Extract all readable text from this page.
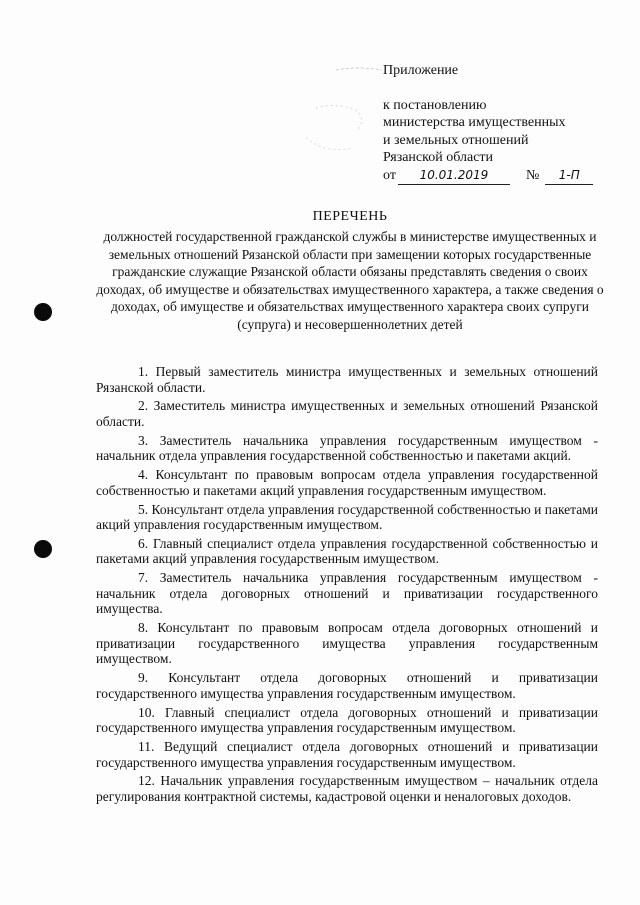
Приложение
к постановлению
министерства имущественных
и земельных отношений
Рязанской области
от	10.01.2019	№	1-П
ПЕРЕЧЕНЬ
должностей государственной гражданской службы в министерстве имущественных и земельных отношений Рязанской области при замещении которых государственные гражданские служащие Рязанской области обязаны представлять сведения о своих доходах, об имуществе и обязательствах имущественного характера, а также сведения о доходах, об имуществе и обязательствах имущественного характера своих супруги (супруга) и несовершеннолетних детей

1. Первый заместитель министра имущественных и земельных отношений Рязанской области.

2. Заместитель министра имущественных и земельных отношений Рязанской области.

3. Заместитель начальника управления государственным имуществом - начальник отдела управления государственной собственностью и пакетами акций.

4. Консультант по правовым вопросам отдела управления государственной собственностью и пакетами акций управления государственным имуществом.

5. Консультант отдела управления государственной собственностью и пакетами акций управления государственным имуществом.

6. Главный специалист отдела управления государственной собственностью и пакетами акций управления государственным имуществом.

7. Заместитель начальника управления государственным имуществом - начальник отдела договорных отношений и приватизации государственного имущества.

8. Консультант по правовым вопросам отдела договорных отношений и приватизации государственного имущества управления государственным имуществом.

9. Консультант отдела договорных отношений и приватизации государственного имущества управления государственным имуществом.

10. Главный специалист отдела договорных отношений и приватизации государственного имущества управления государственным имуществом.

11. Ведущий специалист отдела договорных отношений и приватизации государственного имущества управления государственным имуществом.

12. Начальник управления государственным имуществом – начальник отдела регулирования контрактной системы, кадастровой оценки и неналоговых доходов.
